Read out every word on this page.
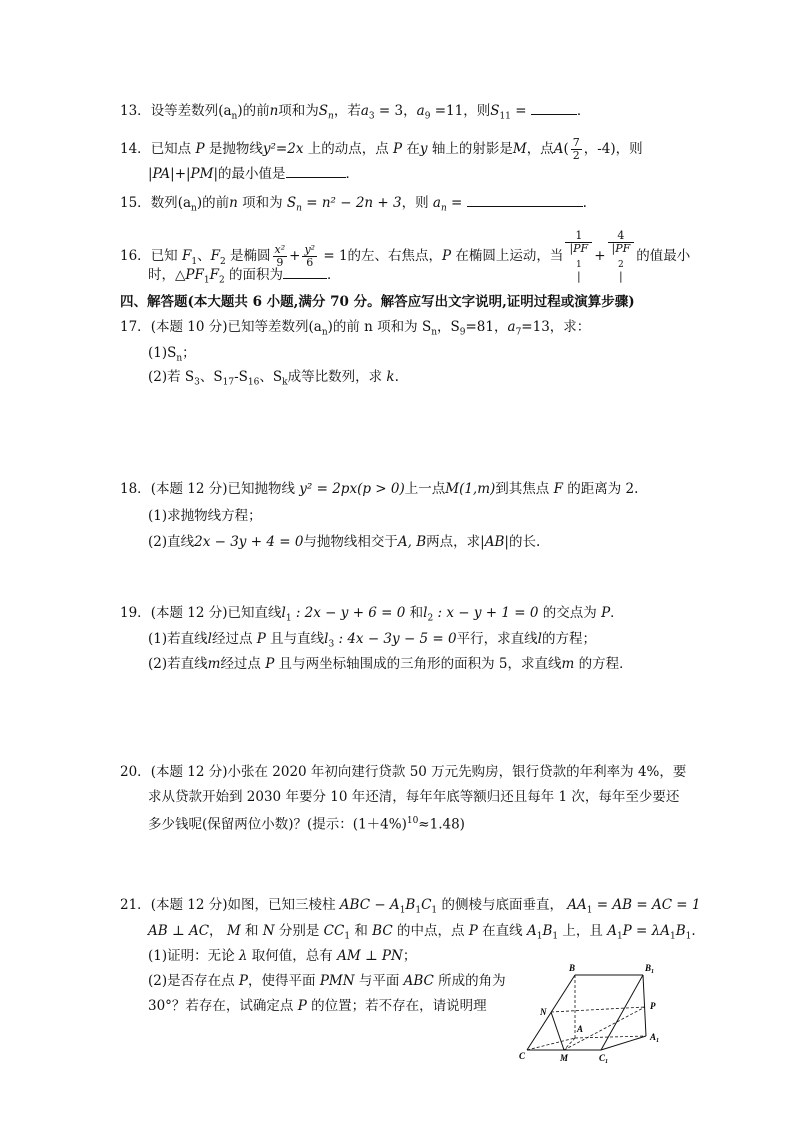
13．设等差数列$(a_n)$的前n项和为$S_n$，若$a_3 = 3$，$a_9 =11$，则$S_{11}$ =	．
14．已知点 P 是抛物线y²=2x 上的动点，点 P 在y 轴上的射影是M，点$A( \frac{7}{2}$ ，-4)，则
|PA|+|PM|的最小值是	．
15．数列$(a_n)$的前n 项和为 $S_n = n^2 - 2n + 3$，则 $a_n$ =	.
16．已知 $F_1$、$F_2$ 是椭圆 $\frac{\text{x²}}{9} + \frac{\text{y²}}{6} = 1$的左、右焦点，P 在椭圆上运动，当 1
|PF
$_1$
| + 4
|PF
$_2$
| 的值最小
时，$\triangle PF_1F_2$ 的面积为	．
四、解答题(本大题共 6 小题,满分 70 分。解答应写出文字说明,证明过程或演算步骤)
17．(本题 10 分)已知等差数列$(a_n)$的前 n 项和为 $S_n$，$S_9=81$，$a_7=13$，求：
$(1)S_n$；
(2)若 $S_3$、$S_{17}-S_{16}$、$S_k$成等比数列，求 k.
18．(本题 12 分)已知抛物线 y² = 2px(p > 0)上一点M(1,m)到其焦点 F 的距离为 2.
(1)求抛物线方程；
(2)直线2x − 3y + 4 = 0与抛物线相交于A, B两点，求|AB|的长.
19．(本题 12 分)已知直线$l_1$ : 2x − y + 6 = 0 和$l_2$ : x − y + 1 = 0 的交点为 P．
(1)若直线l经过点 P 且与直线$l_3$ : 4x − 3y − 5 = 0平行，求直线l的方程；
(2)若直线m经过点 P 且与两坐标轴围成的三角形的面积为 5，求直线m 的方程．
20．(本题 12 分)小张在 2020 年初向建行贷款 50 万元先购房，银行贷款的年利率为 4%，要
求从贷款开始到 2030 年要分 10 年还清，每年年底等额归还且每年 1 次，每年至少要还
多少钱呢(保留两位小数)？(提示：$(1+4\%)^{10}\approx 1.48$)
21．(本题 12 分)如图，已知三棱柱 ABC − $A_1B_1C_1$ 的侧棱与底面垂直， $AA_1$ = AB = AC = 1
AB ⊥ AC， M 和 N 分别是 $CC_1$ 和 BC 的中点，点 P 在直线 $A_1B_1$ 上，且 $A_1P = \lambda A_1B_1$.
(1)证明：无论 λ 取何值，总有 AM ⊥ PN；
(2)是否存在点 P，使得平面 PMN 与平面 ABC 所成的角为
30°？若存在，试确定点 P 的位置；若不存在，请说明理
B	$B_1$
N
P
A
$A_1$
C	M	$C_1$
